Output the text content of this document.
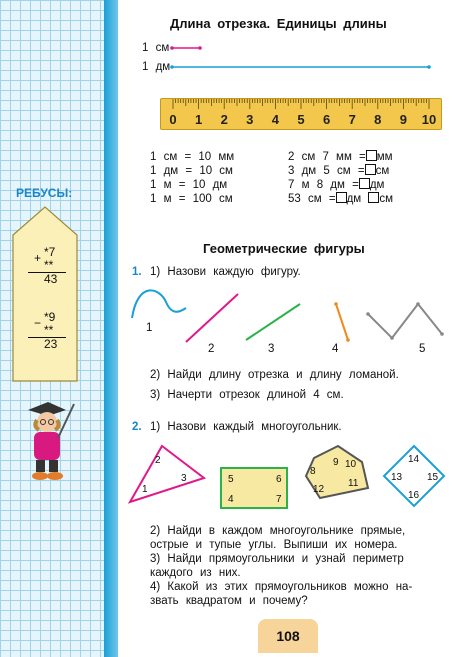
РЕБУСЫ:
*7
+ **
43
*9
− **
23
Длина отрезка. Единицы длины
1 см
1 дм
0 1 2 3 4 5 6 7 8 9 10
1 см = 10 мм
1 дм = 10 см
1 м = 10 дм
1 м = 100 см
2 см 7 мм = мм
3 дм 5 см = см
7 м 8 дм = дм
53 см = дм см
Геометрические фигуры
1. 1) Назови каждую фигуру.
1
2	3	4	5
2) Найди длину отрезка и длину ломаной.
3) Начерти отрезок длиной 4 см.
2. 1) Назови каждый многоугольник.
2
1
3	5	6
4	7
8
9 10
12
11
14
13 15
16
2) Найди в каждом многоугольнике прямые,
острые и тупые углы. Выпиши их номера.
3) Найди прямоугольники и узнай периметр
каждого из них.
4) Какой из этих прямоугольников можно на-
звать квадратом и почему?
108
